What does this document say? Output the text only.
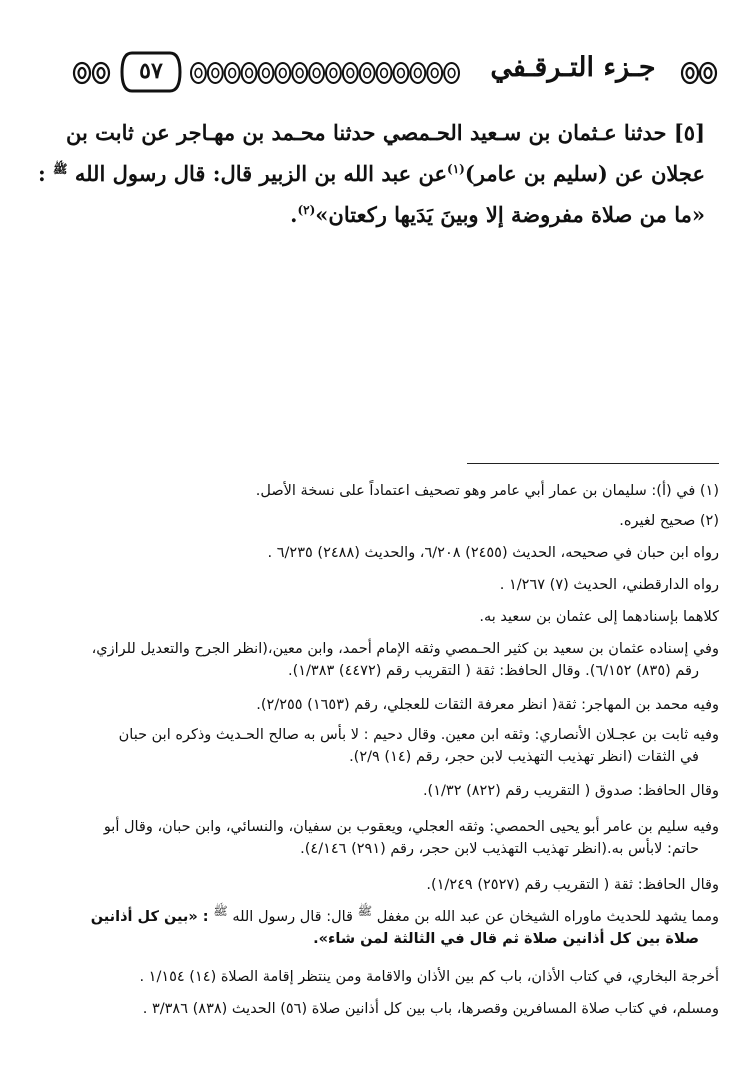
٥٧	جـزء التـرقـفي
[٥] حدثنا عـثمان بن سـعيد الحـمصي حدثنا محـمد بن مهـاجر عن ثابت بن
عجلان عن (سليم بن عامر)$^{(١)}$عن عبد الله بن الزبير قال: قال رسول الله $^ﷺ$ :
«ما من صلاة مفروضة إلا وبينَ يَدَيها ركعتان»$^{(٢)}$.
(١) في (أ): سليمان بن عمار أبي عامر وهو تصحيف اعتماداً على نسخة الأصل.
(٢) صحيح لغيره.
رواه ابن حبان في صحيحه، الحديث (٢٤٥٥) ٦/٢٠٨، والحديث (٢٤٨٨) ٦/٢٣٥ .
رواه الدارقطني، الحديث (٧) ١/٢٦٧ .
كلاهما بإسنادهما إلى عثمان بن سعيد به.
وفي إسناده عثمان بن سعيد بن كثير الحـمصي وثقه الإمام أحمد، وابن معين،(انظر الجرح والتعديل للرازي،
رقم (٨٣٥) ٦/١٥٢). وقال الحافظ: ثقة ( التقريب رقم (٤٤٧٢) ١/٣٨٣).
وفيه محمد بن المهاجر: ثقة( انظر معرفة الثقات للعجلي، رقم (١٦٥٣) ٢/٢٥٥).
وفيه ثابت بن عجـلان الأنصاري: وثقه ابن معين. وقال دحيم : لا بأس به صالح الحـديث وذكره ابن حبان
في الثقات (انظر تهذيب التهذيب لابن حجر، رقم (١٤) ٢/٩).
وقال الحافظ: صدوق ( التقريب رقم (٨٢٢) ١/٣٢).
وفيه سليم بن عامر أبو يحيى الحمصي: وثقه العجلي، ويعقوب بن سفيان، والنسائي، وابن حبان، وقال أبو
حاتم: لابأس به.(انظر تهذيب التهذيب لابن حجر، رقم (٢٩١) ٤/١٤٦).
وقال الحافظ: ثقة ( التقريب رقم (٢٥٢٧) ١/٢٤٩).
ومما يشهد للحديث ماوراه الشيخان عن عبد الله بن مغفل $^ﷺ$ قال: قال رسول الله $^ﷺ$ : «بين كل أذانين
صلاة بين كل أذانين صلاة ثم قال في الثالثة لمن شاء».
أخرجة البخاري، في كتاب الأذان، باب كم بين الأذان والاقامة ومن ينتظر إقامة الصلاة (١٤) ١/١٥٤ .
ومسلم، في كتاب صلاة المسافرين وقصرها، باب بين كل أذانين صلاة (٥٦) الحديث (٨٣٨) ٣/٣٨٦ .
